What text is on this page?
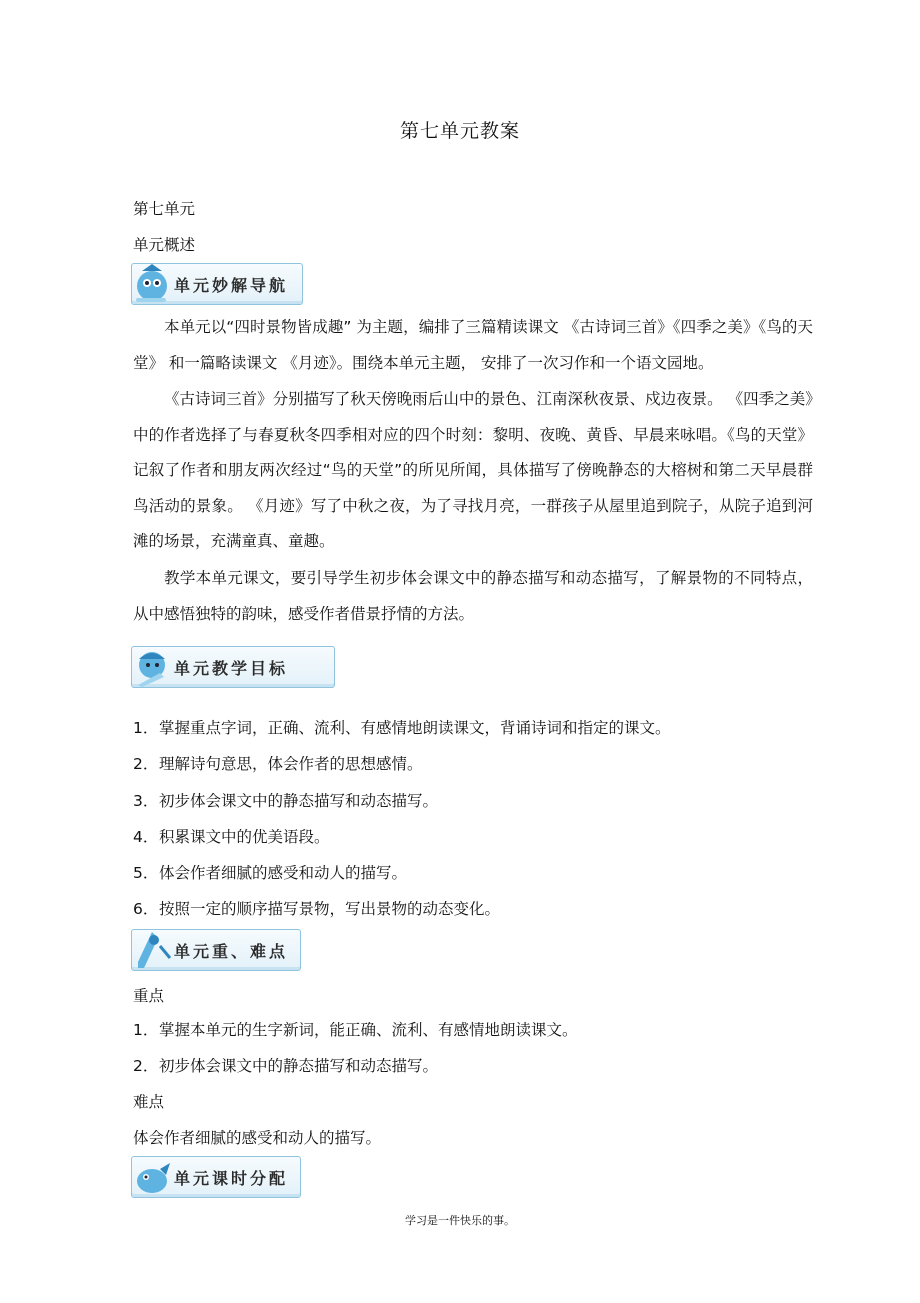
第七单元教案
第七单元
单元概述
单元妙解导航
本单元以“四时景物皆成趣” 为主题，编排了三篇精读课文 《古诗词三首》《四季之美》《鸟的天堂》 和一篇略读课文 《月迹》。围绕本单元主题， 安排了一次习作和一个语文园地。
《古诗词三首》分别描写了秋天傍晚雨后山中的景色、江南深秋夜景、戍边夜景。 《四季之美》中的作者选择了与春夏秋冬四季相对应的四个时刻：黎明、夜晚、黄昏、早晨来咏唱。《鸟的天堂》记叙了作者和朋友两次经过“鸟的天堂”的所见所闻，具体描写了傍晚静态的大榕树和第二天早晨群鸟活动的景象。 《月迹》写了中秋之夜，为了寻找月亮，一群孩子从屋里追到院子，从院子追到河滩的场景，充满童真、童趣。
教学本单元课文，要引导学生初步体会课文中的静态描写和动态描写，了解景物的不同特点，从中感悟独特的韵味，感受作者借景抒情的方法。
单元教学目标
1．掌握重点字词，正确、流利、有感情地朗读课文，背诵诗词和指定的课文。
2．理解诗句意思，体会作者的思想感情。
3．初步体会课文中的静态描写和动态描写。
4．积累课文中的优美语段。
5．体会作者细腻的感受和动人的描写。
6．按照一定的顺序描写景物，写出景物的动态变化。
单元重、难点
重点
1．掌握本单元的生字新词，能正确、流利、有感情地朗读课文。
2．初步体会课文中的静态描写和动态描写。
难点
体会作者细腻的感受和动人的描写。
单元课时分配
学习是一件快乐的事。
